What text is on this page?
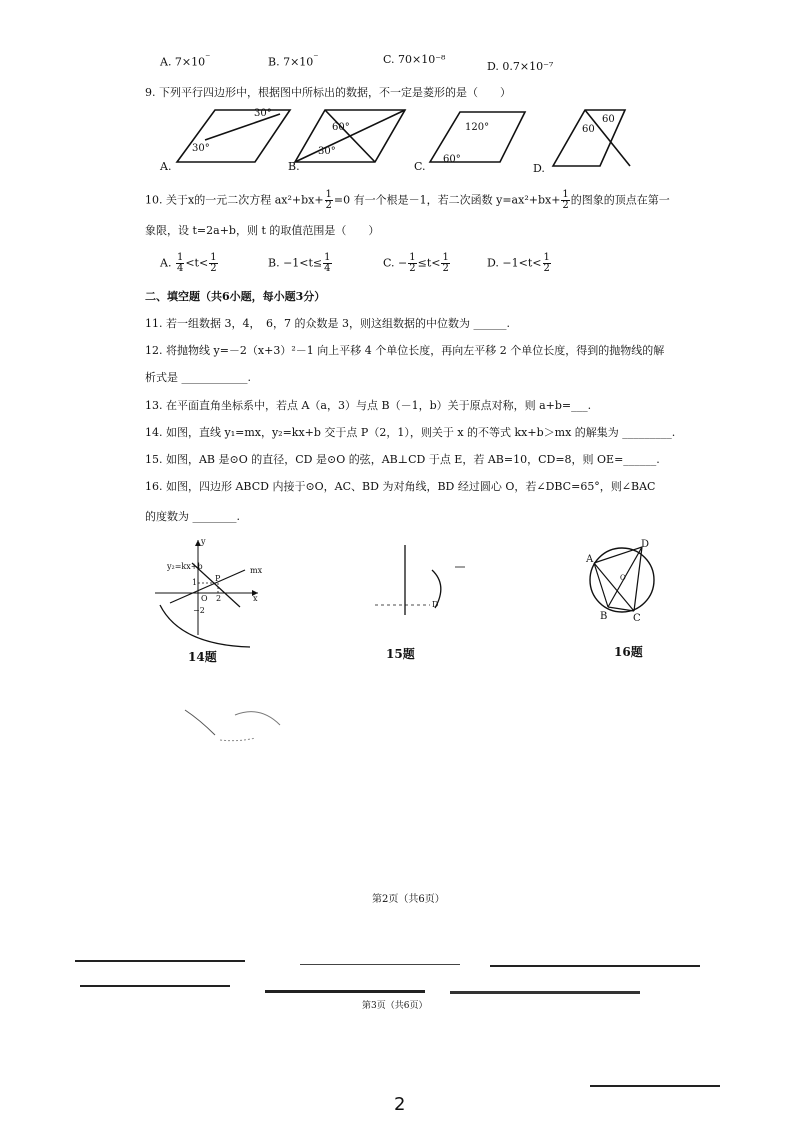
A. 7×10⁻	B. 7×10⁻	C. 70×10⁻⁸
D. 0.7×10⁻⁷
9. 下列平行四边形中，根据图中所标出的数据，不一定是菱形的是（　　）
30°
30°
A.
60°
30°
B.
120°
60°
C.
60
60
D.
10. 关于x的一元二次方程 $ax^2+bx+ \frac{1}{2} =0$ 有一个根是－1，若二次函数 $y=ax^2+bx+ \frac{1}{2}$ 的图象的顶点在第一
象限，设 t=2a+b，则 t 的取值范围是（　　）
A. $\frac{1}{4} <t< \frac{1}{2}$	B. $-1<t\le \frac{1}{4}$	C. − $\frac{1}{2} \le t< \frac{1}{2}$	D. $-1<t< \frac{1}{2}$
二、填空题（共6小题，每小题3分）
11. 若一组数据 3，4，　6，7 的众数是 3，则这组数据的中位数为 ______.
12. 将抛物线 y=－2（x+3）²－1 向上平移 4 个单位长度，再向左平移 2 个单位长度，得到的抛物线的解
析式是 ____________.
13. 在平面直角坐标系中，若点 A（a，3）与点 B（－1，b）关于原点对称，则 a+b=___.
14. 如图，直线 y₁=mx，y₂=kx+b 交于点 P（2，1），则关于 x 的不等式 kx+b＞mx 的解集为 _________.
15. 如图，AB 是⊙O 的直径，CD 是⊙O 的弦，AB⊥CD 于点 E，若 AB=10，CD=8，则 OE=______.
16. 如图，四边形 ABCD 内接于⊙O，AC、BD 为对角线，BD 经过圆心 O，若∠DBC=65°，则∠BAC
的度数为 ________.
y₂=kx+b	mx
y
x
P
1
O 2
−2
14题
D
15题
A
D
B	C
O
16题
第2页（共6页）
第3页（共6页）
2
